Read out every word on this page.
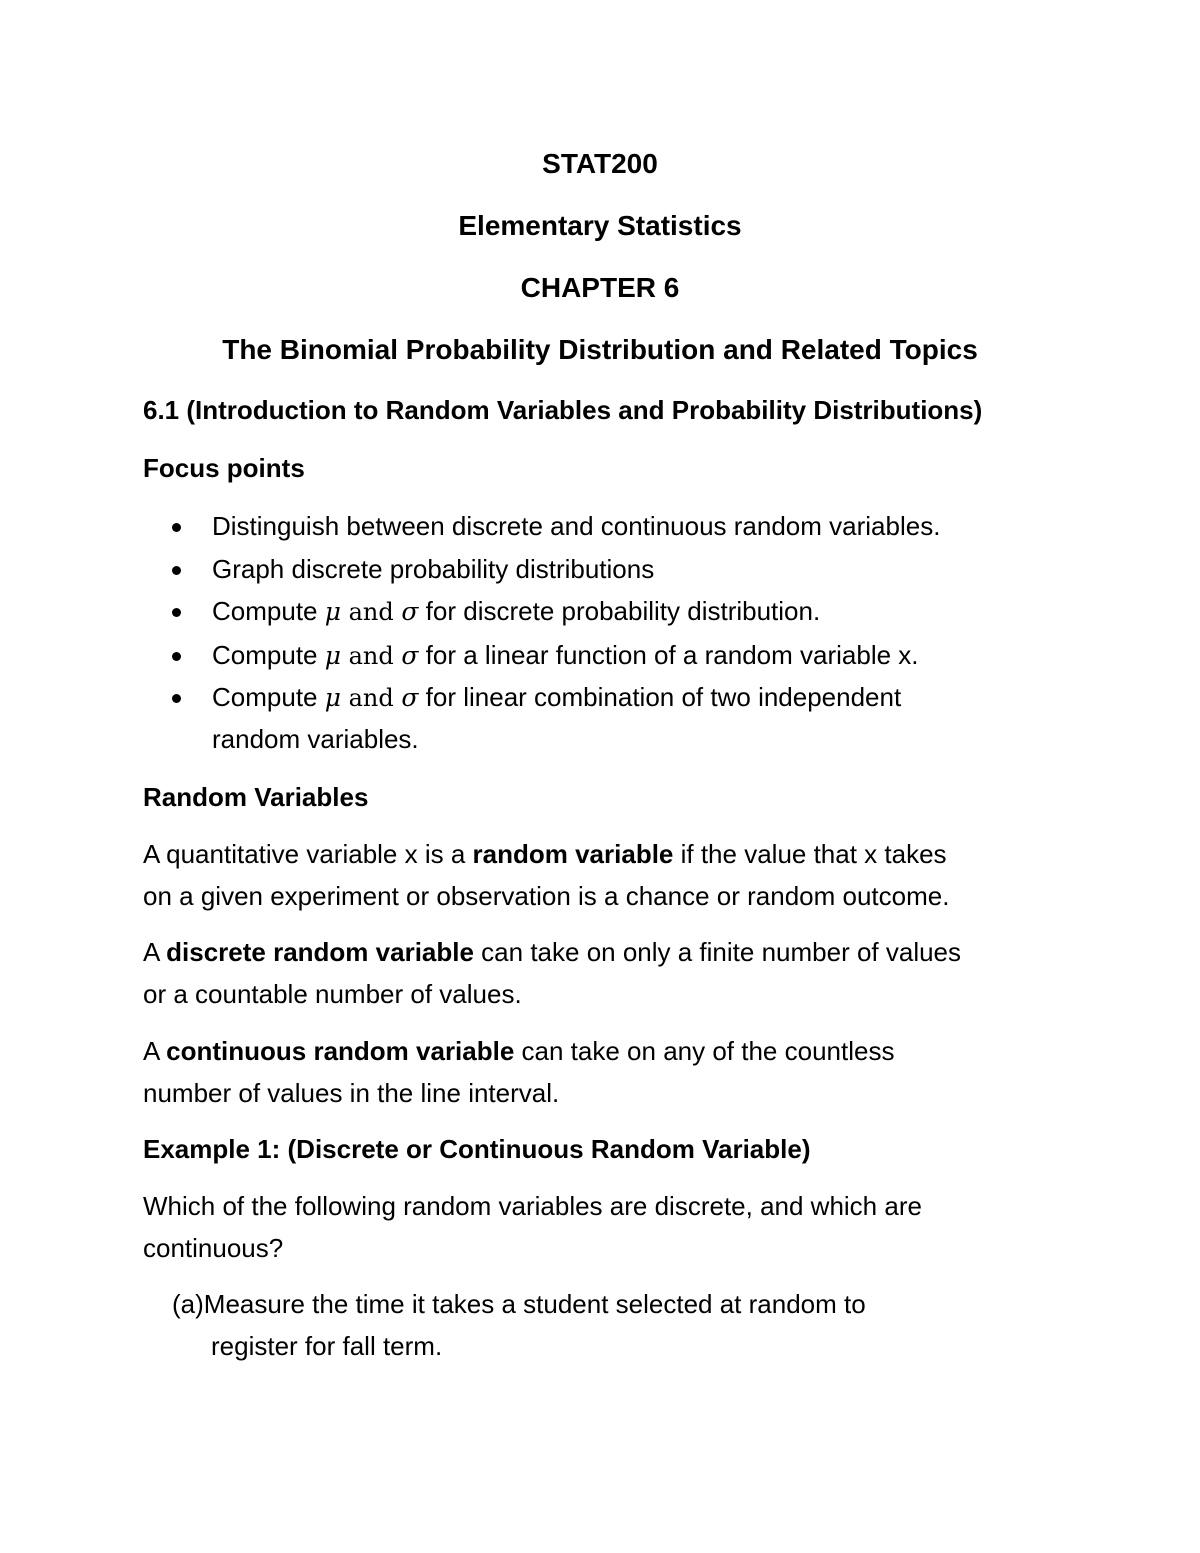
STAT200
Elementary Statistics
CHAPTER 6
The Binomial Probability Distribution and Related Topics
6.1 (Introduction to Random Variables and Probability Distributions)
Focus points
Distinguish between discrete and continuous random variables.
Graph discrete probability distributions
Compute μ and σ for discrete probability distribution.
Compute μ and σ for a linear function of a random variable x.
Compute μ and σ for linear combination of two independent
random variables.
Random Variables
A quantitative variable x is a random variable if the value that x takes
on a given experiment or observation is a chance or random outcome.
A discrete random variable can take on only a finite number of values
or a countable number of values.
A continuous random variable can take on any of the countless
number of values in the line interval.
Example 1: (Discrete or Continuous Random Variable)
Which of the following random variables are discrete, and which are
continuous?
(a)Measure the time it takes a student selected at random to
register for fall term.
